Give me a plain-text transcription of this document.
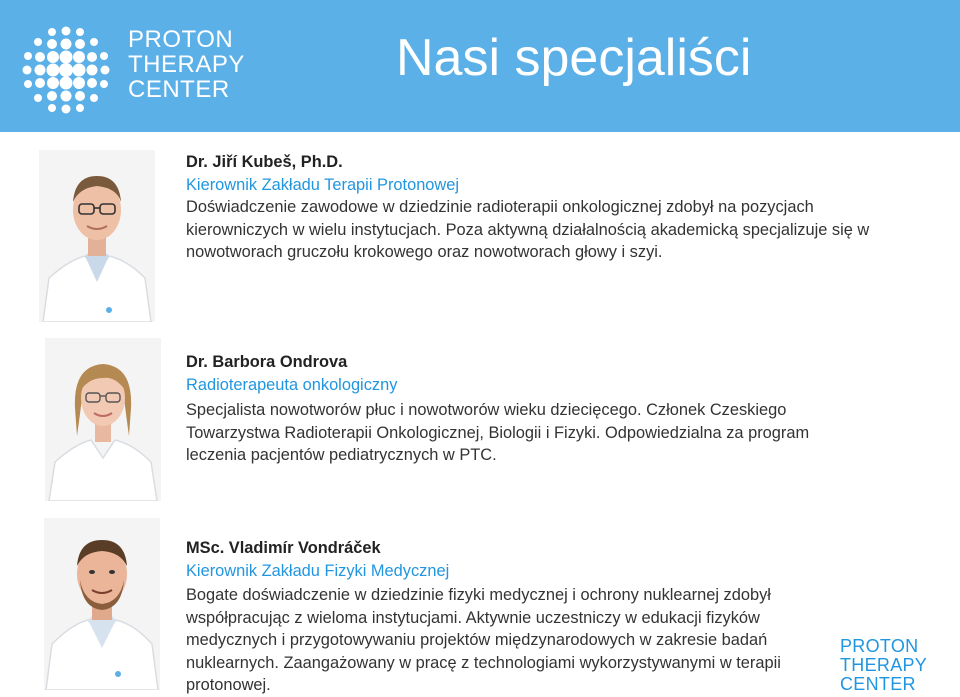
PROTON
THERAPY
CENTER
Nasi specjaliści
Dr. Jiří Kubeš, Ph.D.
Kierownik Zakładu Terapii Protonowej
Doświadczenie zawodowe w dziedzinie radioterapii onkologicznej zdobył na pozycjach
kierowniczych w wielu instytucjach. Poza aktywną działalnością akademicką specjalizuje się w
nowotworach gruczołu krokowego oraz nowotworach głowy i szyi.
Dr. Barbora Ondrova
Radioterapeuta onkologiczny
Specjalista nowotworów płuc i nowotworów wieku dziecięcego. Członek Czeskiego
Towarzystwa Radioterapii Onkologicznej, Biologii i Fizyki. Odpowiedzialna za program
leczenia pacjentów pediatrycznych w PTC.
MSc. Vladimír Vondráček
Kierownik Zakładu Fizyki Medycznej
Bogate doświadczenie w dziedzinie fizyki medycznej i ochrony nuklearnej zdobył
współpracując z wieloma instytucjami. Aktywnie uczestniczy w edukacji fizyków
medycznych i przygotowywaniu projektów międzynarodowych w zakresie badań
nuklearnych. Zaangażowany w pracę z technologiami wykorzystywanymi w terapii
protonowej.
PROTON
THERAPY
CENTER
